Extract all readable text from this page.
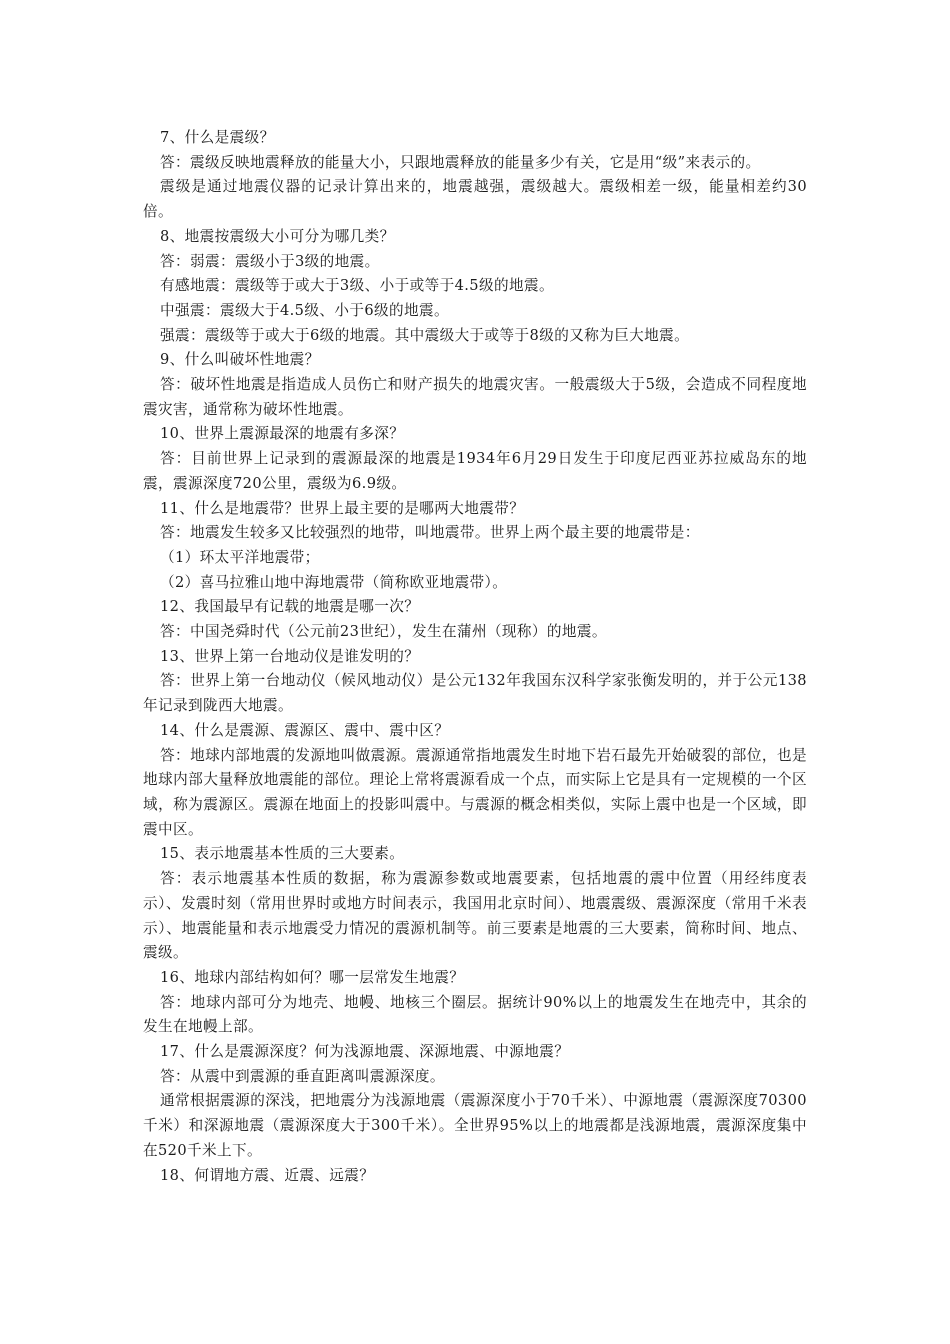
7、什么是震级？

答：震级反映地震释放的能量大小，只跟地震释放的能量多少有关，它是用“级”来表示的。

震级是通过地震仪器的记录计算出来的，地震越强，震级越大。震级相差一级，能量相差约30倍。

8、地震按震级大小可分为哪几类？

答：弱震：震级小于3级的地震。

有感地震：震级等于或大于3级、小于或等于4.5级的地震。

中强震：震级大于4.5级、小于6级的地震。

强震：震级等于或大于6级的地震。其中震级大于或等于8级的又称为巨大地震。

9、什么叫破坏性地震？

答：破坏性地震是指造成人员伤亡和财产损失的地震灾害。一般震级大于5级，会造成不同程度地震灾害，通常称为破坏性地震。

10、世界上震源最深的地震有多深？

答：目前世界上记录到的震源最深的地震是1934年6月29日发生于印度尼西亚苏拉威岛东的地震，震源深度720公里，震级为6.9级。

11、什么是地震带？世界上最主要的是哪两大地震带？

答：地震发生较多又比较强烈的地带，叫地震带。世界上两个最主要的地震带是：

（1）环太平洋地震带；

（2）喜马拉雅山地中海地震带（简称欧亚地震带）。

12、我国最早有记载的地震是哪一次？

答：中国尧舜时代（公元前23世纪），发生在蒲州（现称）的地震。

13、世界上第一台地动仪是谁发明的？

答：世界上第一台地动仪（候风地动仪）是公元132年我国东汉科学家张衡发明的，并于公元138年记录到陇西大地震。

14、什么是震源、震源区、震中、震中区？

答：地球内部地震的发源地叫做震源。震源通常指地震发生时地下岩石最先开始破裂的部位，也是地球内部大量释放地震能的部位。理论上常将震源看成一个点，而实际上它是具有一定规模的一个区域，称为震源区。震源在地面上的投影叫震中。与震源的概念相类似，实际上震中也是一个区域，即震中区。

15、表示地震基本性质的三大要素。

答：表示地震基本性质的数据，称为震源参数或地震要素，包括地震的震中位置（用经纬度表示）、发震时刻（常用世界时或地方时间表示，我国用北京时间）、地震震级、震源深度（常用千米表示）、地震能量和表示地震受力情况的震源机制等。前三要素是地震的三大要素，简称时间、地点、震级。

16、地球内部结构如何？哪一层常发生地震？

答：地球内部可分为地壳、地幔、地核三个圈层。据统计90%以上的地震发生在地壳中，其余的发生在地幔上部。

17、什么是震源深度？何为浅源地震、深源地震、中源地震？

答：从震中到震源的垂直距离叫震源深度。

通常根据震源的深浅，把地震分为浅源地震（震源深度小于70千米）、中源地震（震源深度70300千米）和深源地震（震源深度大于300千米）。全世界95%以上的地震都是浅源地震，震源深度集中在520千米上下。

18、何谓地方震、近震、远震？
